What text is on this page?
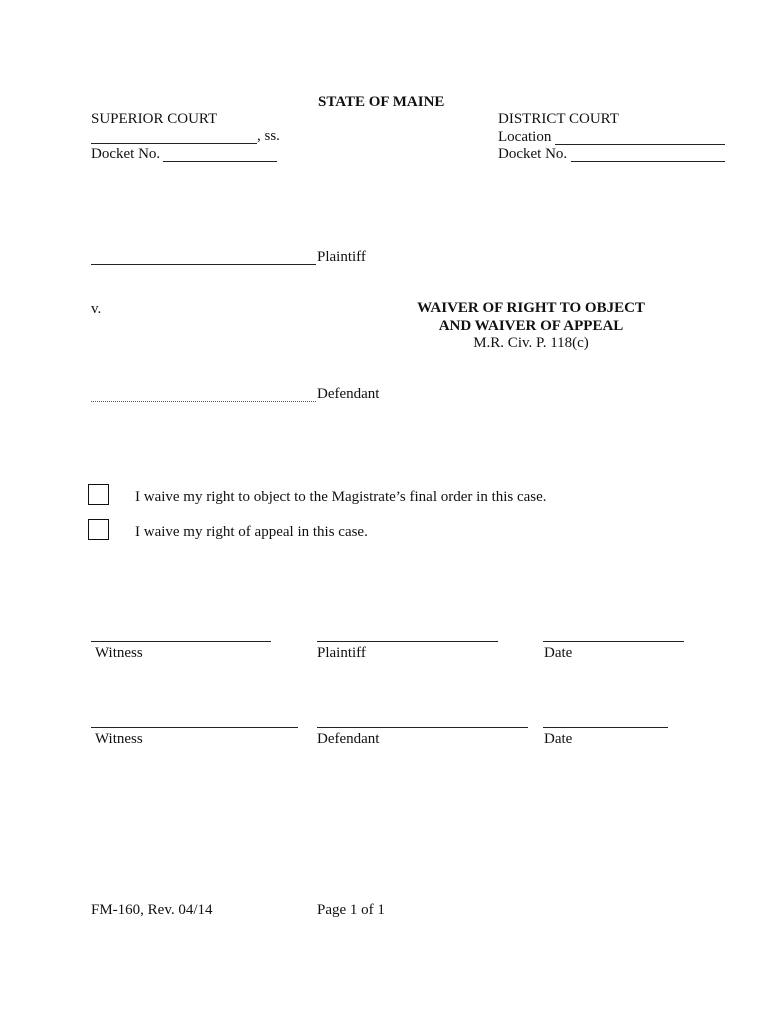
STATE OF MAINE
SUPERIOR COURT
, ss.
Docket No.
DISTRICT COURT
Location
Docket No.
Plaintiff
v.	WAIVER OF RIGHT TO OBJECT
AND WAIVER OF APPEAL
M.R. Civ. P. 118(c)
Defendant
I waive my right to object to the Magistrate’s final order in this case.
I waive my right of appeal in this case.
Witness	Plaintiff	Date
Witness	Defendant	Date
FM-160, Rev. 04/14	Page 1 of 1
